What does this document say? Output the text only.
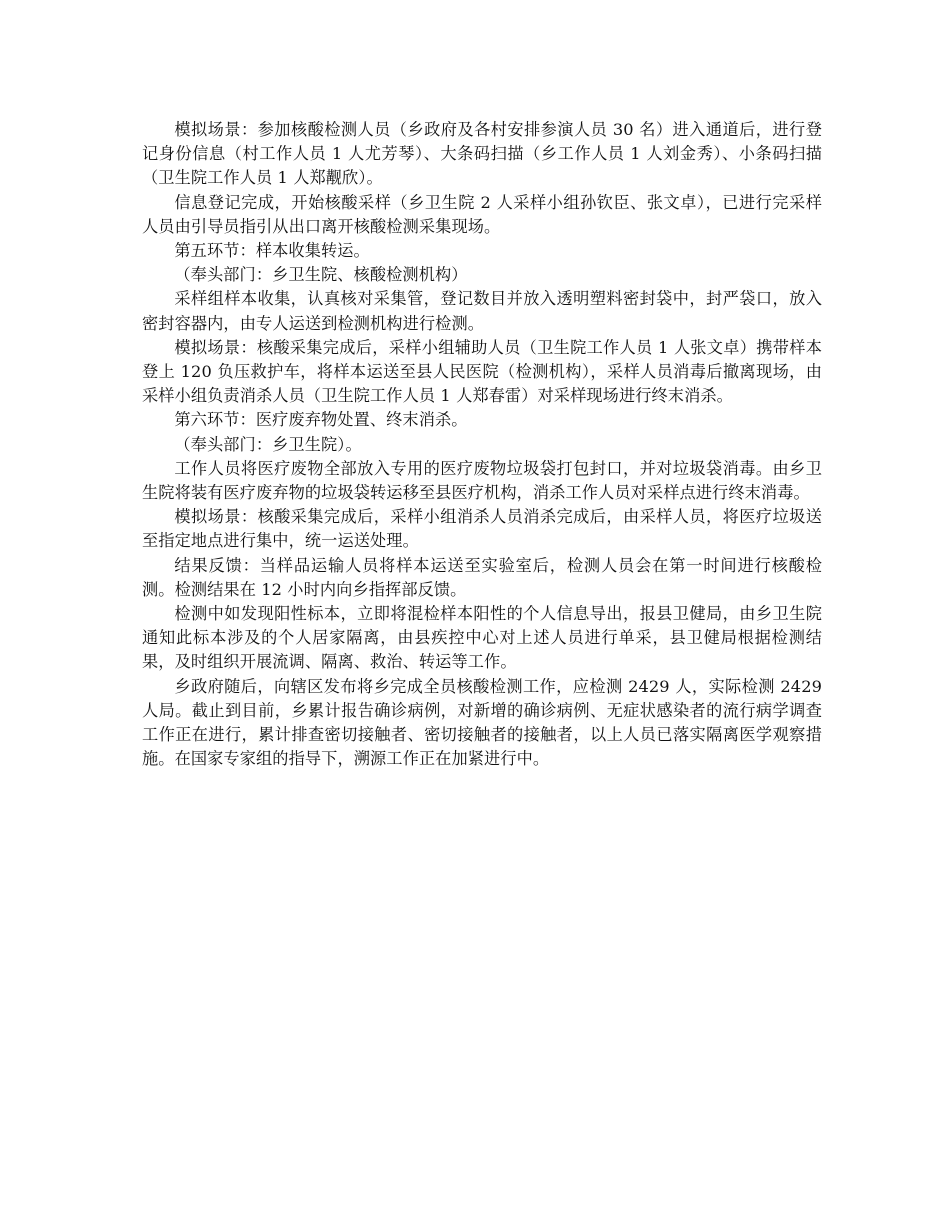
模拟场景：参加核酸检测人员（乡政府及各村安排参演人员 30 名）进入通道后，进行登记身份信息（村工作人员 1 人尤芳琴）、大条码扫描（乡工作人员 1 人刘金秀）、小条码扫描（卫生院工作人员 1 人郑觏欣）。

信息登记完成，开始核酸采样（乡卫生院 2 人采样小组孙钦臣、张文卓），已进行完采样人员由引导员指引从出口离开核酸检测采集现场。

第五环节：样本收集转运。

（奉头部门：乡卫生院、核酸检测机构）

采样组样本收集，认真核对采集管，登记数目并放入透明塑料密封袋中，封严袋口，放入密封容器内，由专人运送到检测机构进行检测。

模拟场景：核酸采集完成后，采样小组辅助人员（卫生院工作人员 1 人张文卓）携带样本登上 120 负压救护车，将样本运送至县人民医院（检测机构），采样人员消毒后撤离现场，由采样小组负责消杀人员（卫生院工作人员 1 人郑春雷）对采样现场进行终末消杀。

第六环节：医疗废弃物处置、终末消杀。

（奉头部门：乡卫生院）。

工作人员将医疗废物全部放入专用的医疗废物垃圾袋打包封口，并对垃圾袋消毒。由乡卫生院将装有医疗废弃物的垃圾袋转运移至县医疗机构，消杀工作人员对采样点进行终末消毒。

模拟场景：核酸采集完成后，采样小组消杀人员消杀完成后，由采样人员，将医疗垃圾送至指定地点进行集中，统一运送处理。

结果反馈：当样品运输人员将样本运送至实验室后，检测人员会在第一时间进行核酸检测。检测结果在 12 小时内向乡指挥部反馈。

检测中如发现阳性标本，立即将混检样本阳性的个人信息导出，报县卫健局，由乡卫生院通知此标本涉及的个人居家隔离，由县疾控中心对上述人员进行单采，县卫健局根据检测结果，及时组织开展流调、隔离、救治、转运等工作。

乡政府随后，向辖区发布将乡完成全员核酸检测工作，应检测 2429 人，实际检测 2429 人局。截止到目前，乡累计报告确诊病例，对新增的确诊病例、无症状感染者的流行病学调查工作正在进行，累计排查密切接触者、密切接触者的接触者，以上人员已落实隔离医学观察措施。在国家专家组的指导下，溯源工作正在加紧进行中。
